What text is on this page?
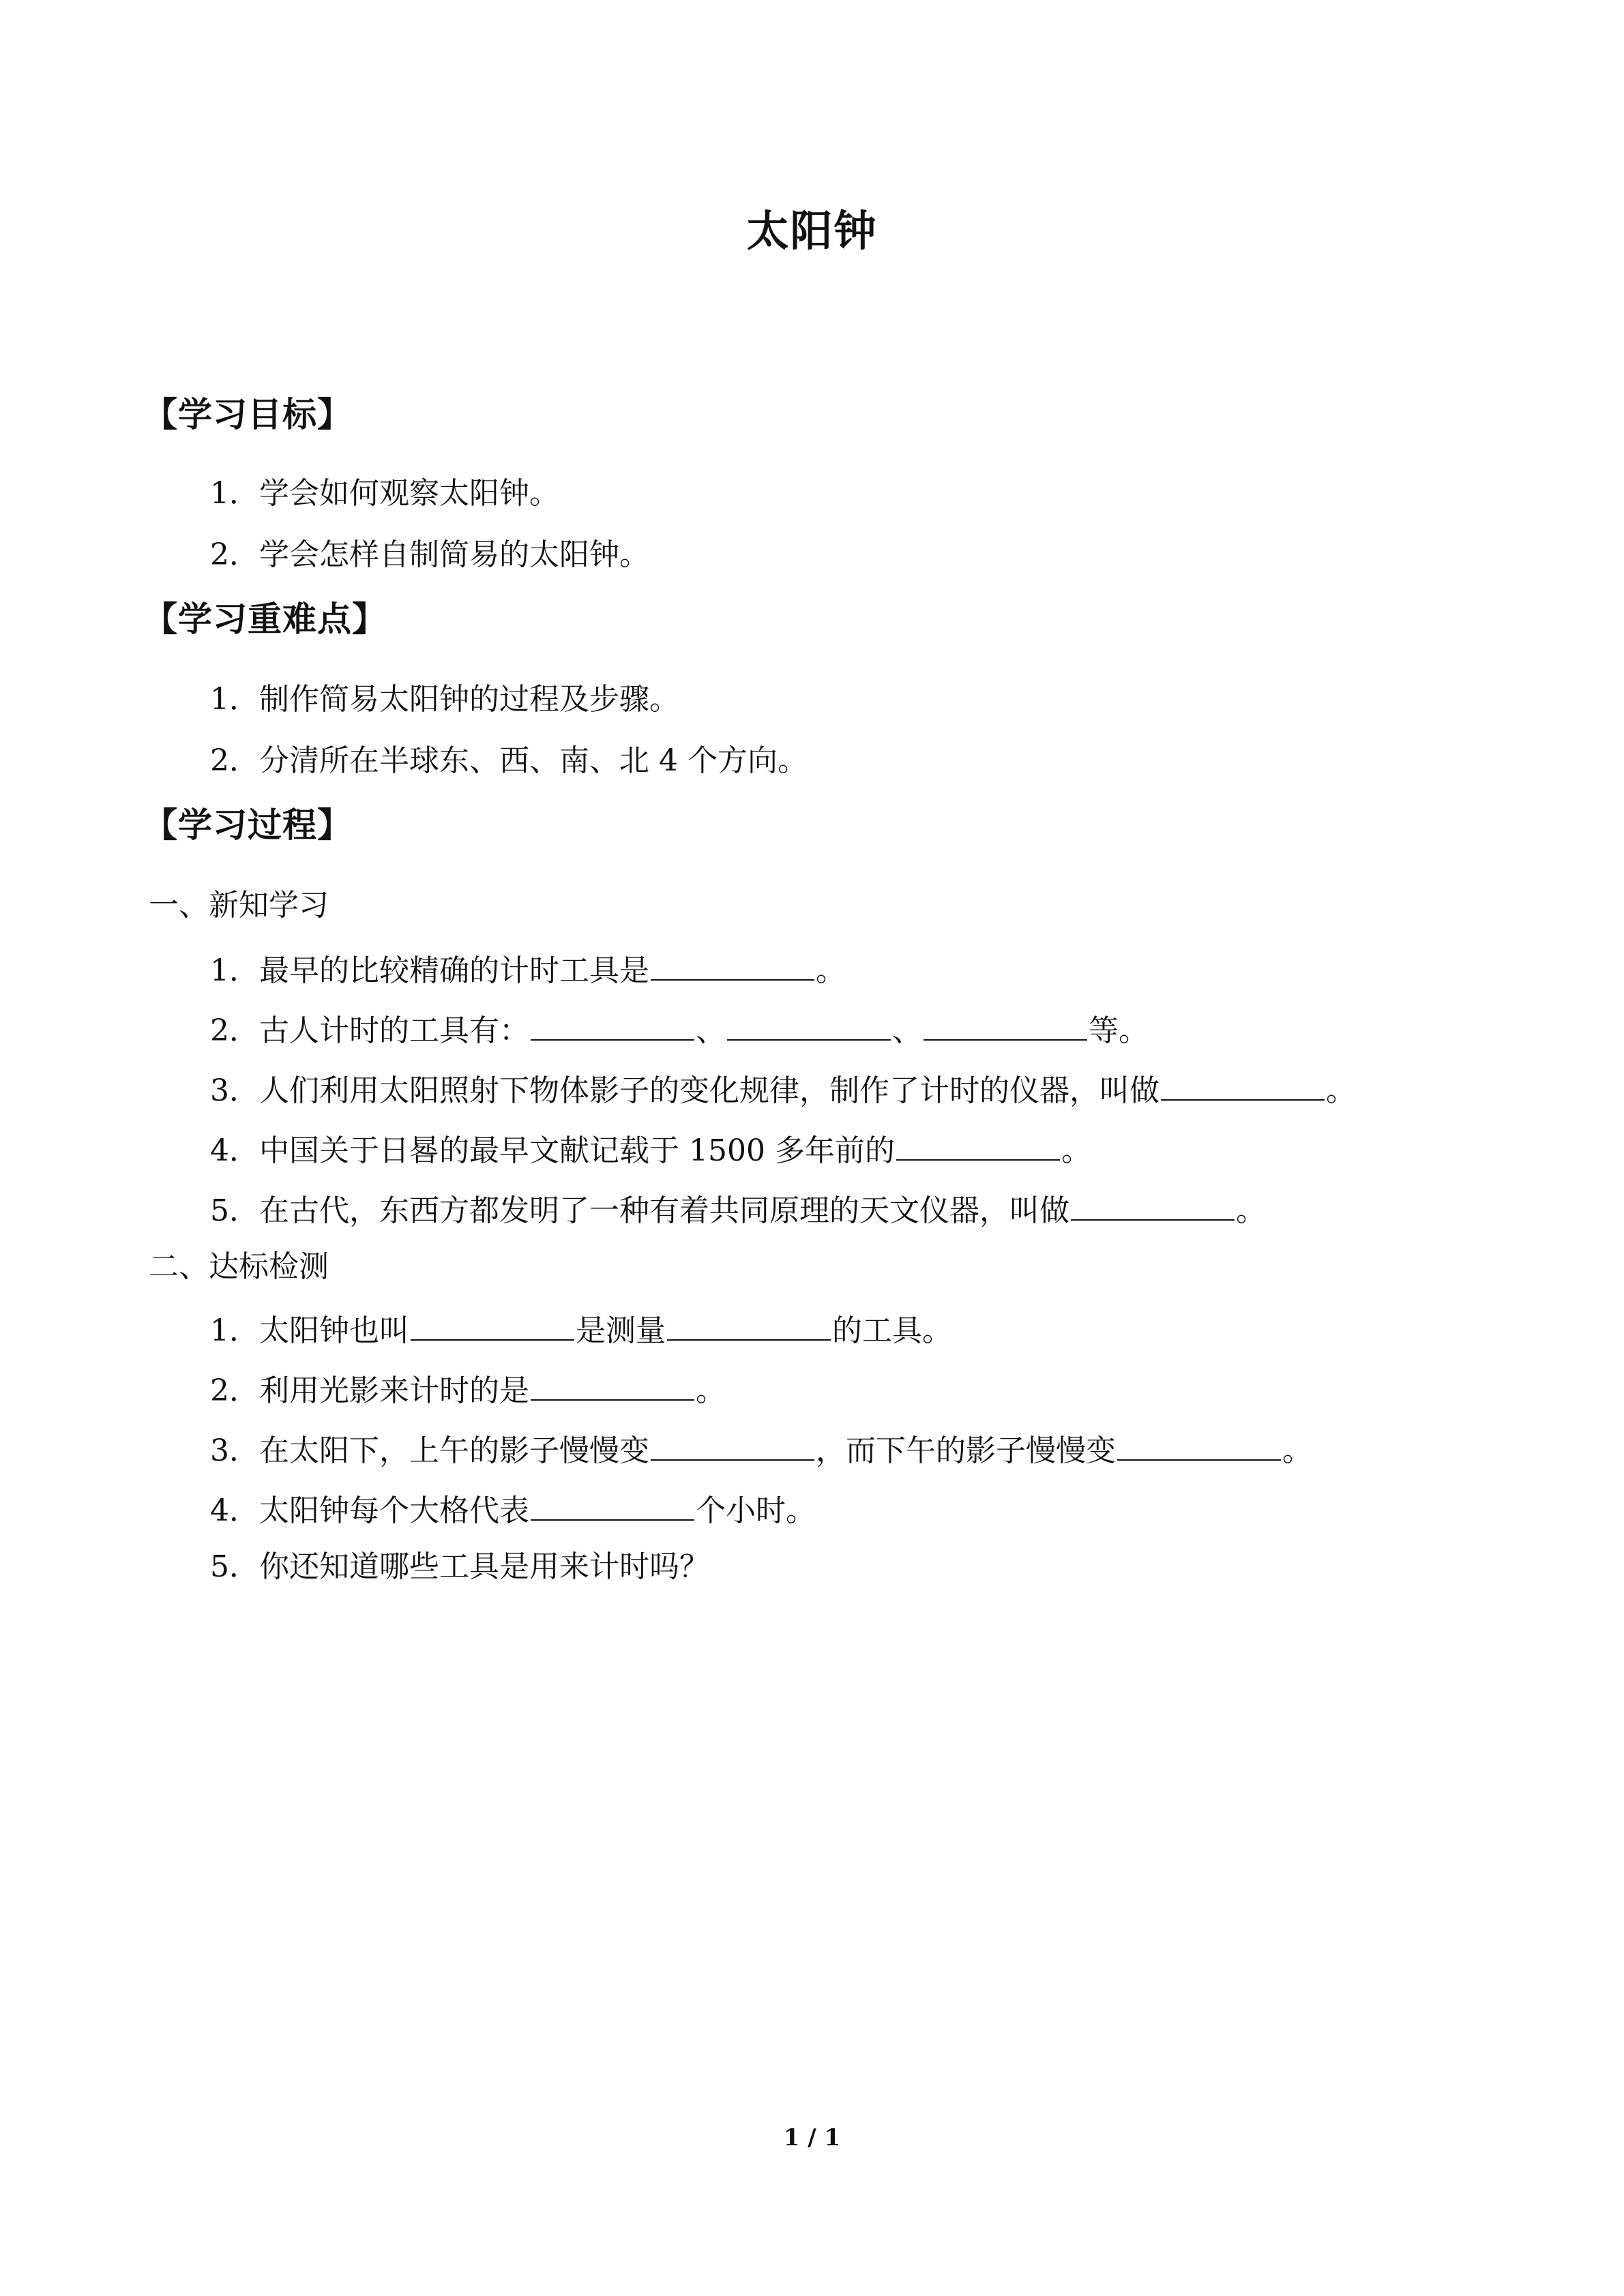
太阳钟
【学习目标】
1．学会如何观察太阳钟。
2．学会怎样自制简易的太阳钟。
【学习重难点】
1．制作简易太阳钟的过程及步骤。
2．分清所在半球东、西、南、北 4 个方向。
【学习过程】
一、新知学习
1．最早的比较精确的计时工具是	。
2．古人计时的工具有：	、	、	等。
3．人们利用太阳照射下物体影子的变化规律，制作了计时的仪器，叫做	。
4．中国关于日晷的最早文献记载于 1500 多年前的	。
5．在古代，东西方都发明了一种有着共同原理的天文仪器，叫做	。
二、达标检测
1．太阳钟也叫	是测量	的工具。
2．利用光影来计时的是	。
3．在太阳下，上午的影子慢慢变	，而下午的影子慢慢变	。
4．太阳钟每个大格代表	个小时。
5．你还知道哪些工具是用来计时吗？
1 / 1
